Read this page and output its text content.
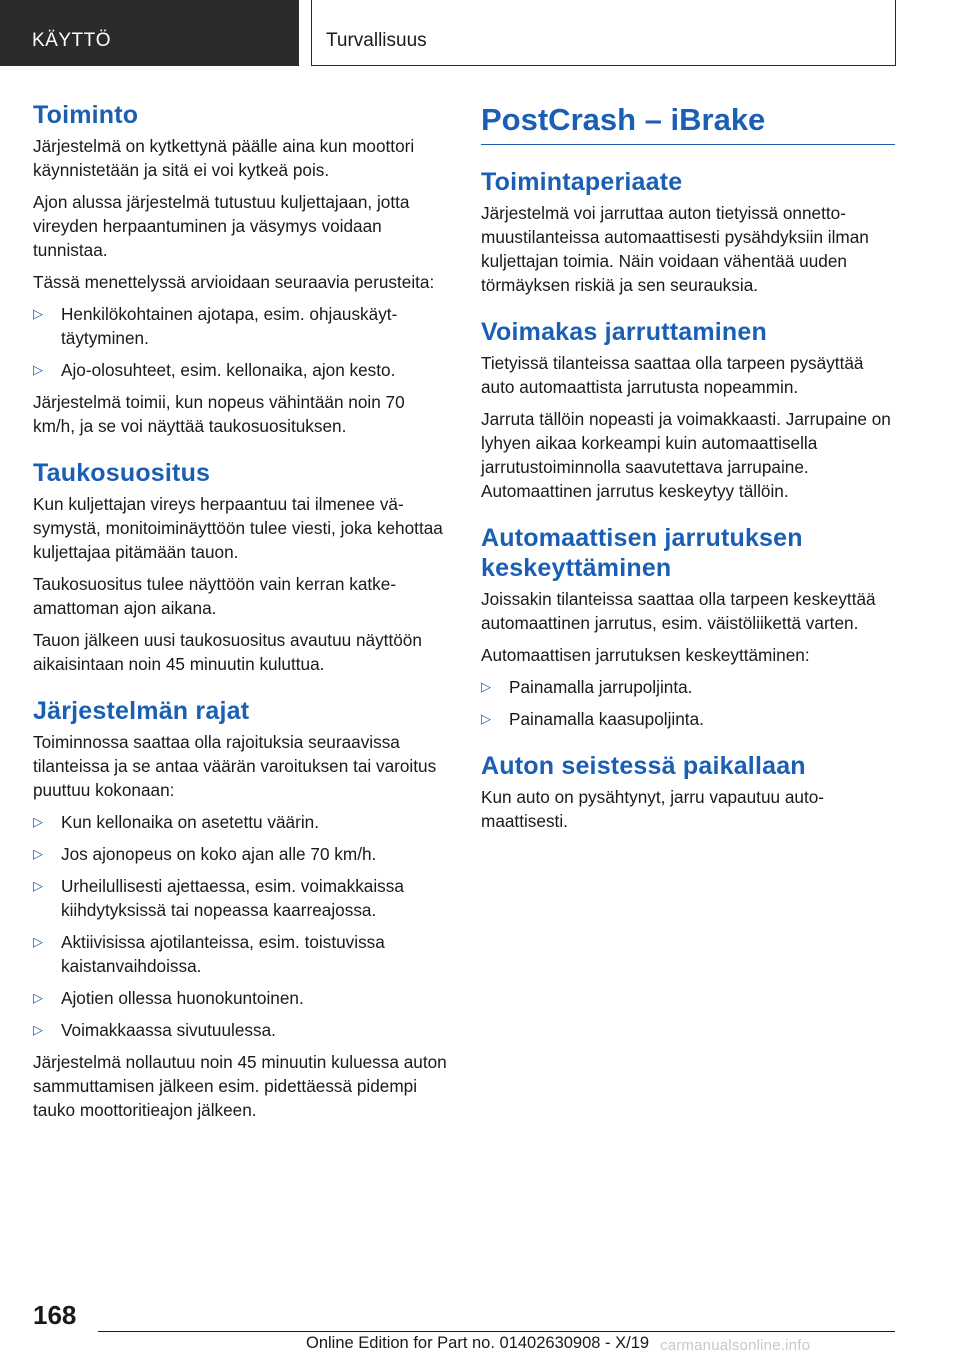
KÄYTTÖ	Turvallisuus
Toiminto

Järjestelmä on kytkettynä päälle aina kun moottori käynnistetään ja sitä ei voi kytkeä pois.

Ajon alussa järjestelmä tutustuu kuljettajaan, jotta vireyden herpaantuminen ja väsymys voidaan tunnistaa.

Tässä menettelyssä arvioidaan seuraavia perusteita:

▷ Henkilökohtainen ajotapa, esim. ohjauskäyttäytyminen.
▷ Ajo-olosuhteet, esim. kellonaika, ajon kesto.

Järjestelmä toimii, kun nopeus vähintään noin 70 km/h, ja se voi näyttää taukosuosituksen.

Taukosuositus

Kun kuljettajan vireys herpaantuu tai ilmenee väsymystä, monitoiminäyttöön tulee viesti, joka kehottaa kuljettajaa pitämään tauon.

Taukosuositus tulee näyttöön vain kerran katkeamattoman ajon aikana.

Tauon jälkeen uusi taukosuositus avautuu näyttöön aikaisintaan noin 45 minuutin kuluttua.

Järjestelmän rajat

Toiminnossa saattaa olla rajoituksia seuraavissa tilanteissa ja se antaa väärän varoituksen tai varoitus puuttuu kokonaan:

▷ Kun kellonaika on asetettu väärin.
▷ Jos ajonopeus on koko ajan alle 70 km/h.
▷ Urheilullisesti ajettaessa, esim. voimakkaissa kiihdytyksissä tai nopeassa kaarreajossa.
▷ Aktiivisissa ajotilanteissa, esim. toistuvissa kaistanvaihdoissa.
▷ Ajotien ollessa huonokuntoinen.
▷ Voimakkaassa sivutuulessa.

Järjestelmä nollautuu noin 45 minuutin kuluessa auton sammuttamisen jälkeen esim. pidettäessä pidempi tauko moottoritieajon jälkeen.

PostCrash – iBrake
Toimintaperiaate

Järjestelmä voi jarruttaa auton tietyissä onnettomuustilanteissa automaattisesti pysähdyksiin ilman kuljettajan toimia. Näin voidaan vähentää uuden törmäyksen riskiä ja sen seurauksia.

Voimakas jarruttaminen

Tietyissä tilanteissa saattaa olla tarpeen pysäyttää auto automaattista jarrutusta nopeammin.

Jarruta tällöin nopeasti ja voimakkaasti. Jarrupaine on lyhyen aikaa korkeampi kuin automaattisella jarrutustoiminnolla saavutettava jarrupaine. Automaattinen jarrutus keskeytyy tällöin.

Automaattisen jarrutuksen keskeyttäminen

Joissakin tilanteissa saattaa olla tarpeen keskeyttää automaattinen jarrutus, esim. väistöliikettä varten.

Automaattisen jarrutuksen keskeyttäminen:

▷ Painamalla jarrupoljinta.
▷ Painamalla kaasupoljinta.
Auton seistessä paikallaan

Kun auto on pysähtynyt, jarru vapautuu automaattisesti.

168
Online Edition for Part no. 01402630908 - X/19 carmanualsonline.info
